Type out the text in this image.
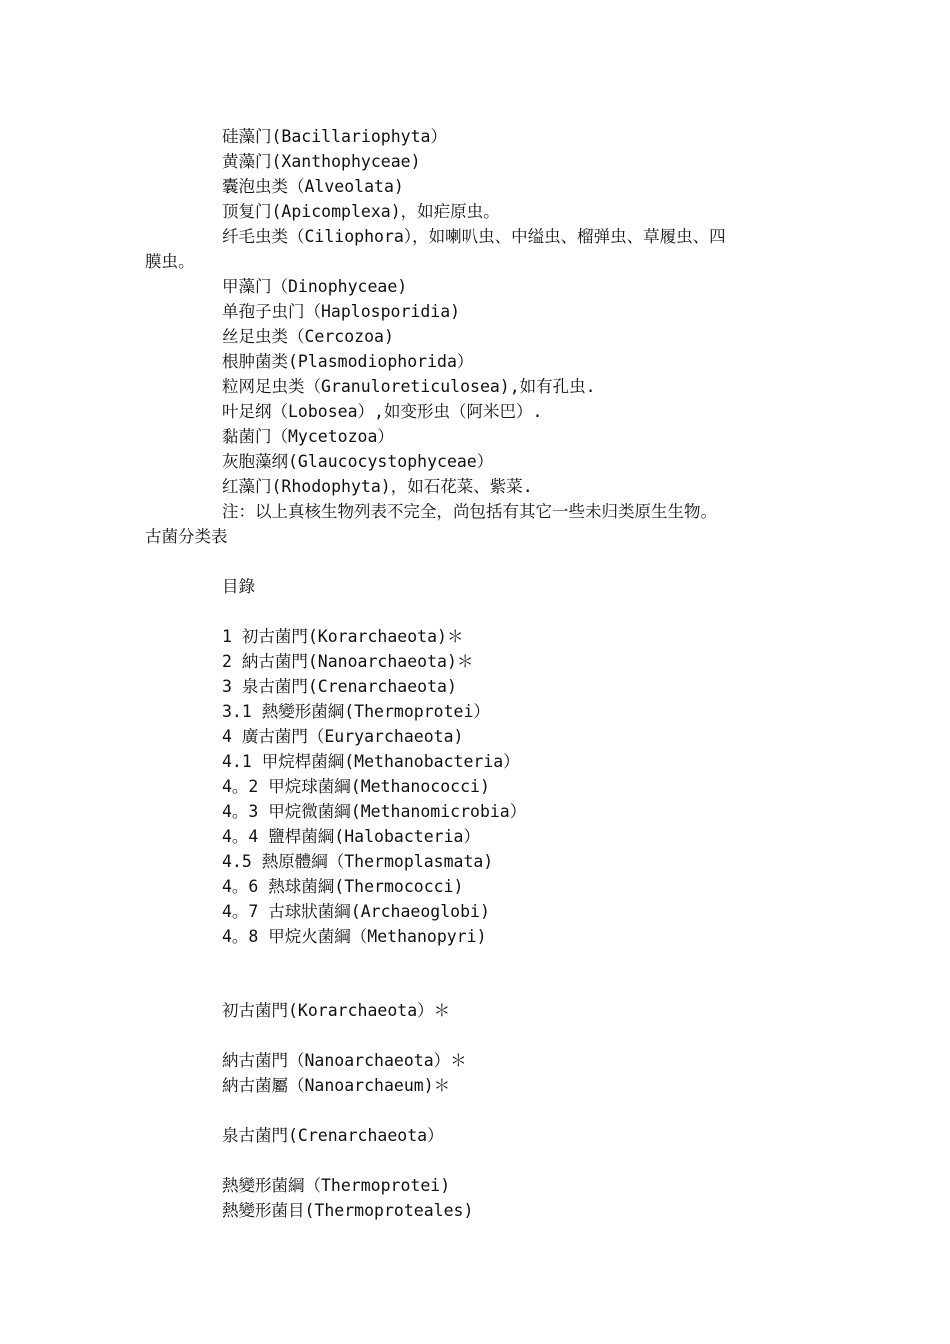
硅藻门(Bacillariophyta）
黄藻门(Xanthophyceae)
囊泡虫类（Alveolata)
顶复门(Apicomplexa)，如疟原虫。
纤毛虫类（Ciliophora），如喇叭虫、中缢虫、榴弹虫、草履虫、四
膜虫。
甲藻门（Dinophyceae)
单孢子虫门（Haplosporidia)
丝足虫类（Cercozoa)
根肿菌类(Plasmodiophorida）
粒网足虫类（Granuloreticulosea),如有孔虫.
叶足纲（Lobosea）,如变形虫（阿米巴）.
黏菌门（Mycetozoa）
灰胞藻纲(Glaucocystophyceae）
红藻门(Rhodophyta)，如石花菜、紫菜.
注：以上真核生物列表不完全，尚包括有其它一些未归类原生生物。
古菌分类表
目錄
1 初古菌門(Korarchaeota)＊
2 納古菌門(Nanoarchaeota)＊
3 泉古菌門(Crenarchaeota)
3.1 熱變形菌綱(Thermoprotei）
4 廣古菌門（Euryarchaeota)
4.1 甲烷桿菌綱(Methanobacteria）
4。2 甲烷球菌綱(Methanococci)
4。3 甲烷微菌綱(Methanomicrobia）
4。4 鹽桿菌綱(Halobacteria）
4.5 熱原體綱（Thermoplasmata)
4。6 熱球菌綱(Thermococci)
4。7 古球狀菌綱(Archaeoglobi)
4。8 甲烷火菌綱（Methanopyri)
初古菌門(Korarchaeota）＊
納古菌門（Nanoarchaeota）＊
納古菌屬（Nanoarchaeum)＊
泉古菌門(Crenarchaeota）
熱變形菌綱（Thermoprotei)
熱變形菌目(Thermoproteales)
